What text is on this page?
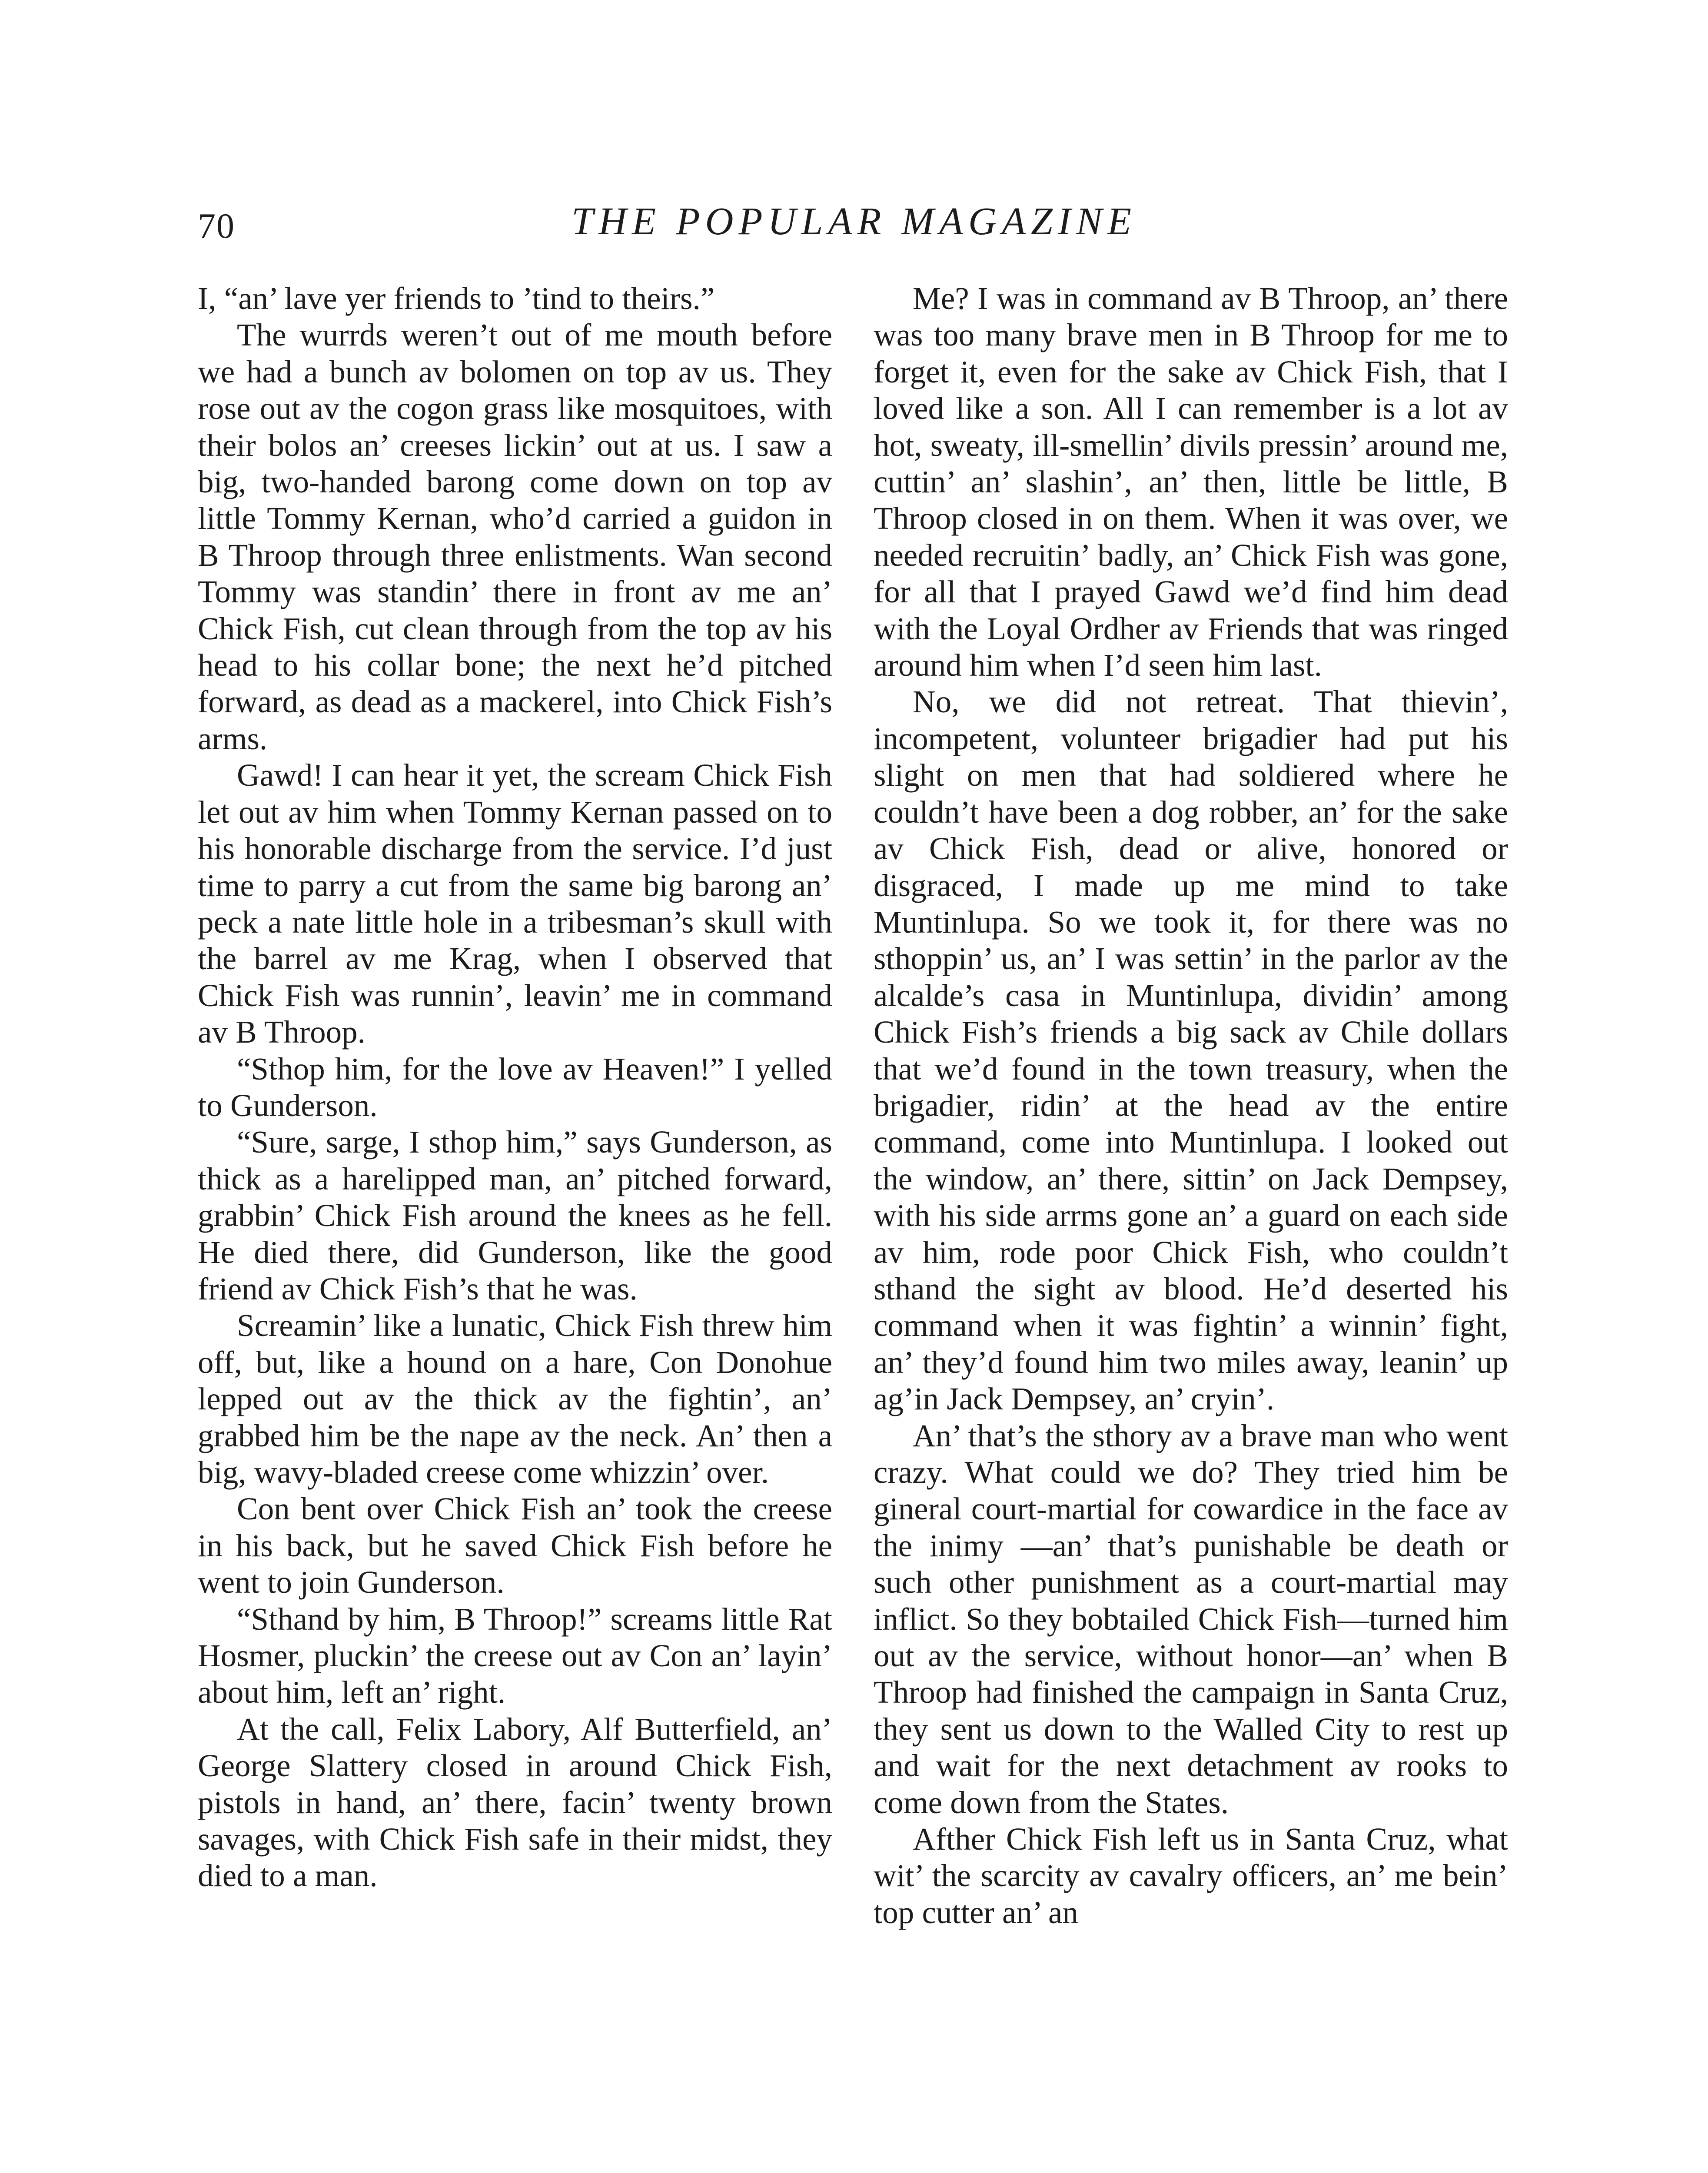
70	THE POPULAR MAGAZINE

I, “an’ lave yer friends to ’tind to theirs.”

The wurrds weren’t out of me mouth before we had a bunch av bolomen on top av us. They rose out av the cogon grass like mosquitoes, with their bolos an’ creeses lickin’ out at us. I saw a big, two-handed barong come down on top av little Tommy Kernan, who’d carried a guidon in B Throop through three enlistments. Wan second Tommy was standin’ there in front av me an’ Chick Fish, cut clean through from the top av his head to his collar bone; the next he’d pitched forward, as dead as a mackerel, into Chick Fish’s arms.

Gawd! I can hear it yet, the scream Chick Fish let out av him when Tommy Kernan passed on to his honorable discharge from the service. I’d just time to parry a cut from the same big barong an’ peck a nate little hole in a tribesman’s skull with the barrel av me Krag, when I observed that Chick Fish was runnin’, leavin’ me in command av B Throop.

“Sthop him, for the love av Heaven!” I yelled to Gunderson.

“Sure, sarge, I sthop him,” says Gunderson, as thick as a harelipped man, an’ pitched forward, grabbin’ Chick Fish around the knees as he fell. He died there, did Gunderson, like the good friend av Chick Fish’s that he was.

Screamin’ like a lunatic, Chick Fish threw him off, but, like a hound on a hare, Con Donohue lepped out av the thick av the fightin’, an’ grabbed him be the nape av the neck. An’ then a big, wavy-bladed creese come whizzin’ over.

Con bent over Chick Fish an’ took the creese in his back, but he saved Chick Fish before he went to join Gunderson.

“Sthand by him, B Throop!” screams little Rat Hosmer, pluckin’ the creese out av Con an’ layin’ about him, left an’ right.

At the call, Felix Labory, Alf Butterfield, an’ George Slattery closed in around Chick Fish, pistols in hand, an’ there, facin’ twenty brown savages, with Chick Fish safe in their midst, they died to a man.

Me? I was in command av B Throop, an’ there was too many brave men in B Throop for me to forget it, even for the sake av Chick Fish, that I loved like a son. All I can remember is a lot av hot, sweaty, ill-smellin’ divils pressin’ around me, cuttin’ an’ slashin’, an’ then, little be little, B Throop closed in on them. When it was over, we needed recruitin’ badly, an’ Chick Fish was gone, for all that I prayed Gawd we’d find him dead with the Loyal Ordher av Friends that was ringed around him when I’d seen him last.

No, we did not retreat. That thievin’, incompetent, volunteer brigadier had put his slight on men that had soldiered where he couldn’t have been a dog robber, an’ for the sake av Chick Fish, dead or alive, honored or disgraced, I made up me mind to take Muntinlupa. So we took it, for there was no sthoppin’ us, an’ I was settin’ in the parlor av the alcalde’s casa in Muntinlupa, dividin’ among Chick Fish’s friends a big sack av Chile dollars that we’d found in the town treasury, when the brigadier, ridin’ at the head av the entire command, come into Muntinlupa. I looked out the window, an’ there, sittin’ on Jack Dempsey, with his side arrms gone an’ a guard on each side av him, rode poor Chick Fish, who couldn’t sthand the sight av blood. He’d deserted his command when it was fightin’ a winnin’ fight, an’ they’d found him two miles away, leanin’ up ag’in Jack Dempsey, an’ cryin’.

An’ that’s the sthory av a brave man who went crazy. What could we do? They tried him be gineral court-martial for cowardice in the face av the inimy —an’ that’s punishable be death or such other punishment as a court-martial may inflict. So they bobtailed Chick Fish—turned him out av the service, without honor—an’ when B Throop had finished the campaign in Santa Cruz, they sent us down to the Walled City to rest up and wait for the next detachment av rooks to come down from the States.

Afther Chick Fish left us in Santa Cruz, what wit’ the scarcity av cavalry officers, an’ me bein’ top cutter an’ an
